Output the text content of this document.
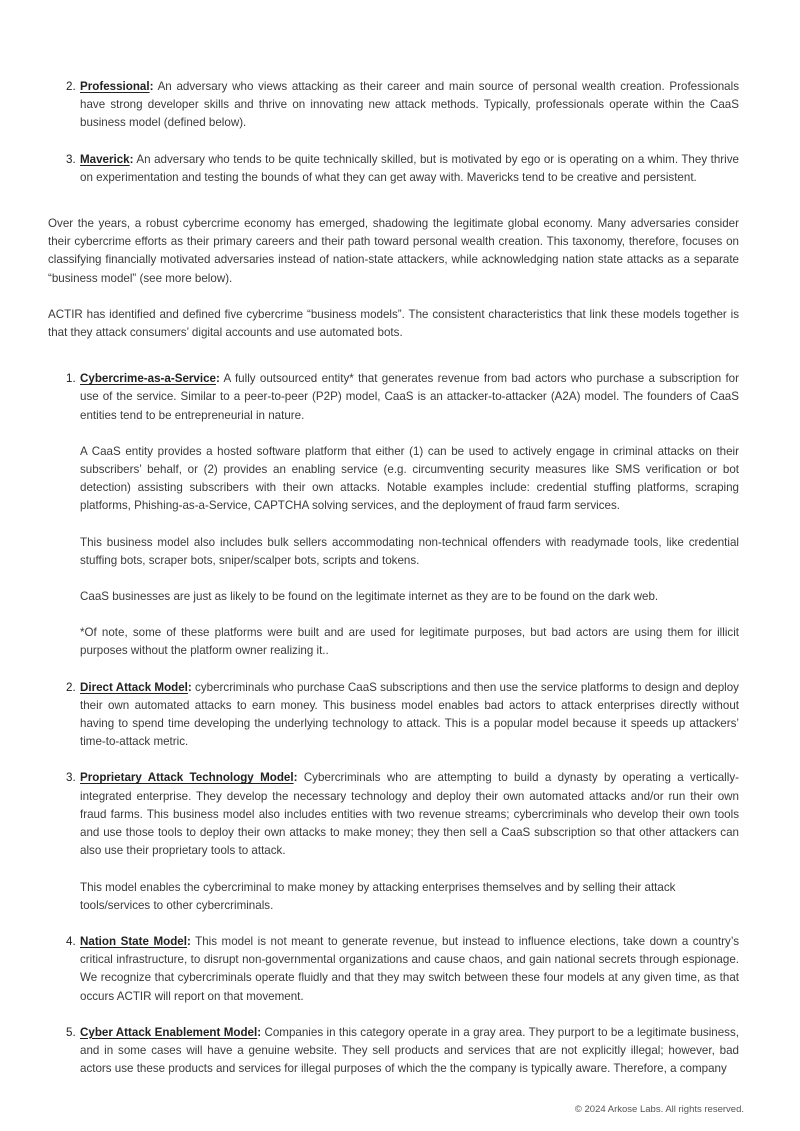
2. Professional: An adversary who views attacking as their career and main source of personal wealth creation. Professionals have strong developer skills and thrive on innovating new attack methods. Typically, professionals operate within the CaaS business model (defined below).

3. Maverick: An adversary who tends to be quite technically skilled, but is motivated by ego or is operating on a whim. They thrive on experimentation and testing the bounds of what they can get away with. Mavericks tend to be creative and persistent.

Over the years, a robust cybercrime economy has emerged, shadowing the legitimate global economy. Many adversaries consider their cybercrime efforts as their primary careers and their path toward personal wealth creation. This taxonomy, therefore, focuses on classifying financially motivated adversaries instead of nation-state attackers, while acknowledging nation state attacks as a separate “business model” (see more below).

ACTIR has identified and defined five cybercrime “business models”. The consistent characteristics that link these models together is that they attack consumers’ digital accounts and use automated bots.

1. Cybercrime-as-a-Service: A fully outsourced entity* that generates revenue from bad actors who purchase a subscription for use of the service. Similar to a peer-to-peer (P2P) model, CaaS is an attacker-to-attacker (A2A) model. The founders of CaaS entities tend to be entrepreneurial in nature.

A CaaS entity provides a hosted software platform that either (1) can be used to actively engage in criminal attacks on their subscribers’ behalf, or (2) provides an enabling service (e.g. circumventing security measures like SMS verification or bot detection) assisting subscribers with their own attacks. Notable examples include: credential stuffing platforms, scraping platforms, Phishing-as-a-Service, CAPTCHA solving services, and the deployment of fraud farm services.

This business model also includes bulk sellers accommodating non-technical offenders with readymade tools, like credential stuffing bots, scraper bots, sniper/scalper bots, scripts and tokens.

CaaS businesses are just as likely to be found on the legitimate internet as they are to be found on the dark web.

*Of note, some of these platforms were built and are used for legitimate purposes, but bad actors are using them for illicit purposes without the platform owner realizing it..

2. Direct Attack Model: cybercriminals who purchase CaaS subscriptions and then use the service platforms to design and deploy their own automated attacks to earn money. This business model enables bad actors to attack enterprises directly without having to spend time developing the underlying technology to attack. This is a popular model because it speeds up attackers’ time-to-attack metric.

3. Proprietary Attack Technology Model: Cybercriminals who are attempting to build a dynasty by operating a vertically-integrated enterprise. They develop the necessary technology and deploy their own automated attacks and/or run their own fraud farms. This business model also includes entities with two revenue streams; cybercriminals who develop their own tools and use those tools to deploy their own attacks to make money; they then sell a CaaS subscription so that other attackers can also use their proprietary tools to attack.

This model enables the cybercriminal to make money by attacking enterprises themselves and by selling their attack tools/services to other cybercriminals.

4. Nation State Model: This model is not meant to generate revenue, but instead to influence elections, take down a country’s critical infrastructure, to disrupt non-governmental organizations and cause chaos, and gain national secrets through espionage. We recognize that cybercriminals operate fluidly and that they may switch between these four models at any given time, as that occurs ACTIR will report on that movement.

5. Cyber Attack Enablement Model: Companies in this category operate in a gray area. They purport to be a legitimate business, and in some cases will have a genuine website. They sell products and services that are not explicitly illegal; however, bad actors use these products and services for illegal purposes of which the the company is typically aware. Therefore, a company

© 2024 Arkose Labs. All rights reserved.
